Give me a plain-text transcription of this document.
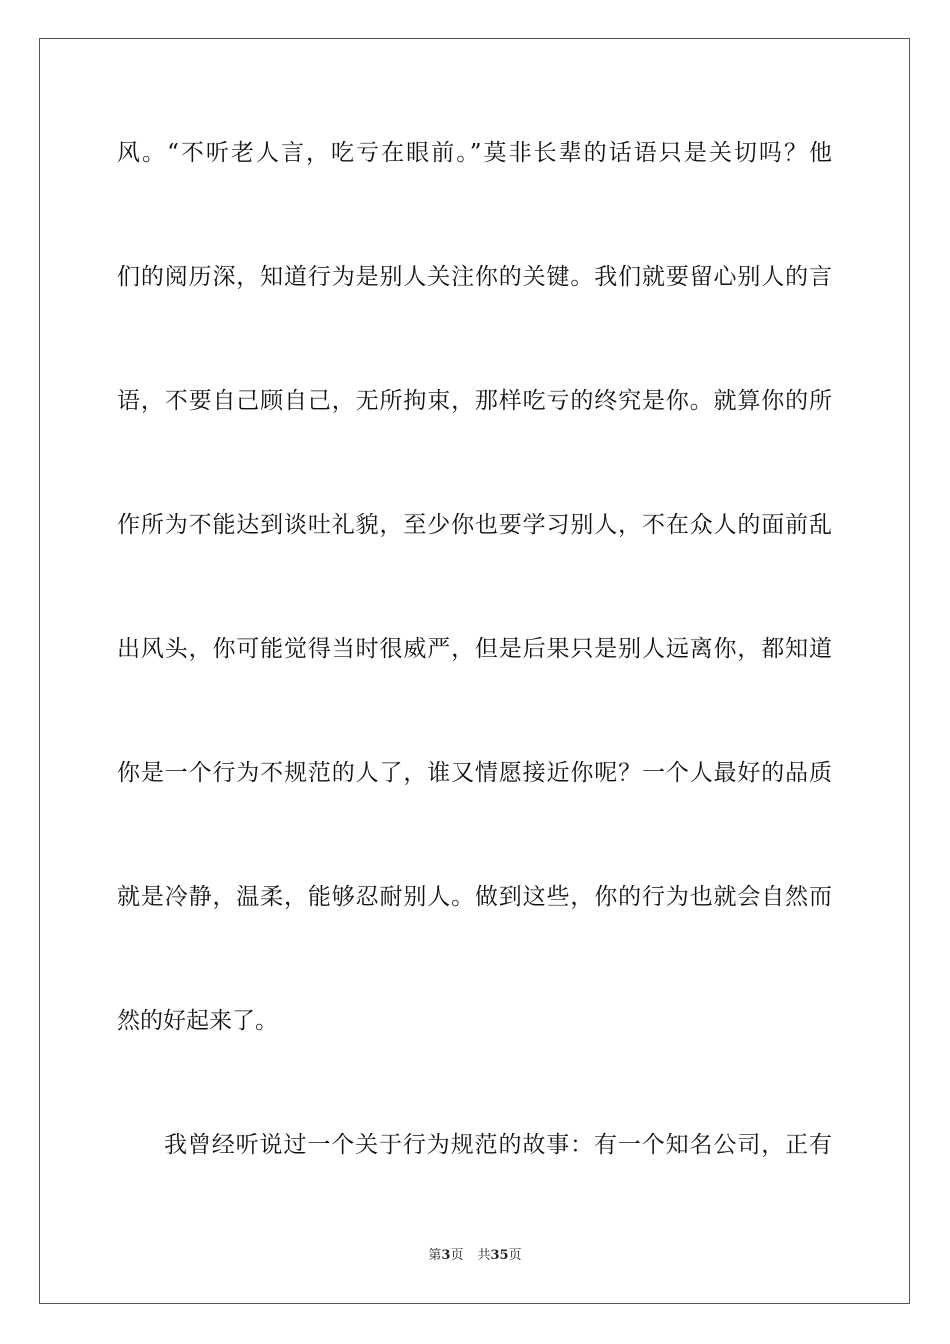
风。“不听老人言，吃亏在眼前。”莫非长辈的话语只是关切吗？他
们的阅历深，知道行为是别人关注你的关键。我们就要留心别人的言
语，不要自己顾自己，无所拘束，那样吃亏的终究是你。就算你的所
作所为不能达到谈吐礼貌，至少你也要学习别人，不在众人的面前乱
出风头，你可能觉得当时很威严，但是后果只是别人远离你，都知道
你是一个行为不规范的人了，谁又情愿接近你呢？一个人最好的品质
就是冷静，温柔，能够忍耐别人。做到这些，你的行为也就会自然而
然的好起来了。
我曾经听说过一个关于行为规范的故事：有一个知名公司，正有
第3页 共35页
